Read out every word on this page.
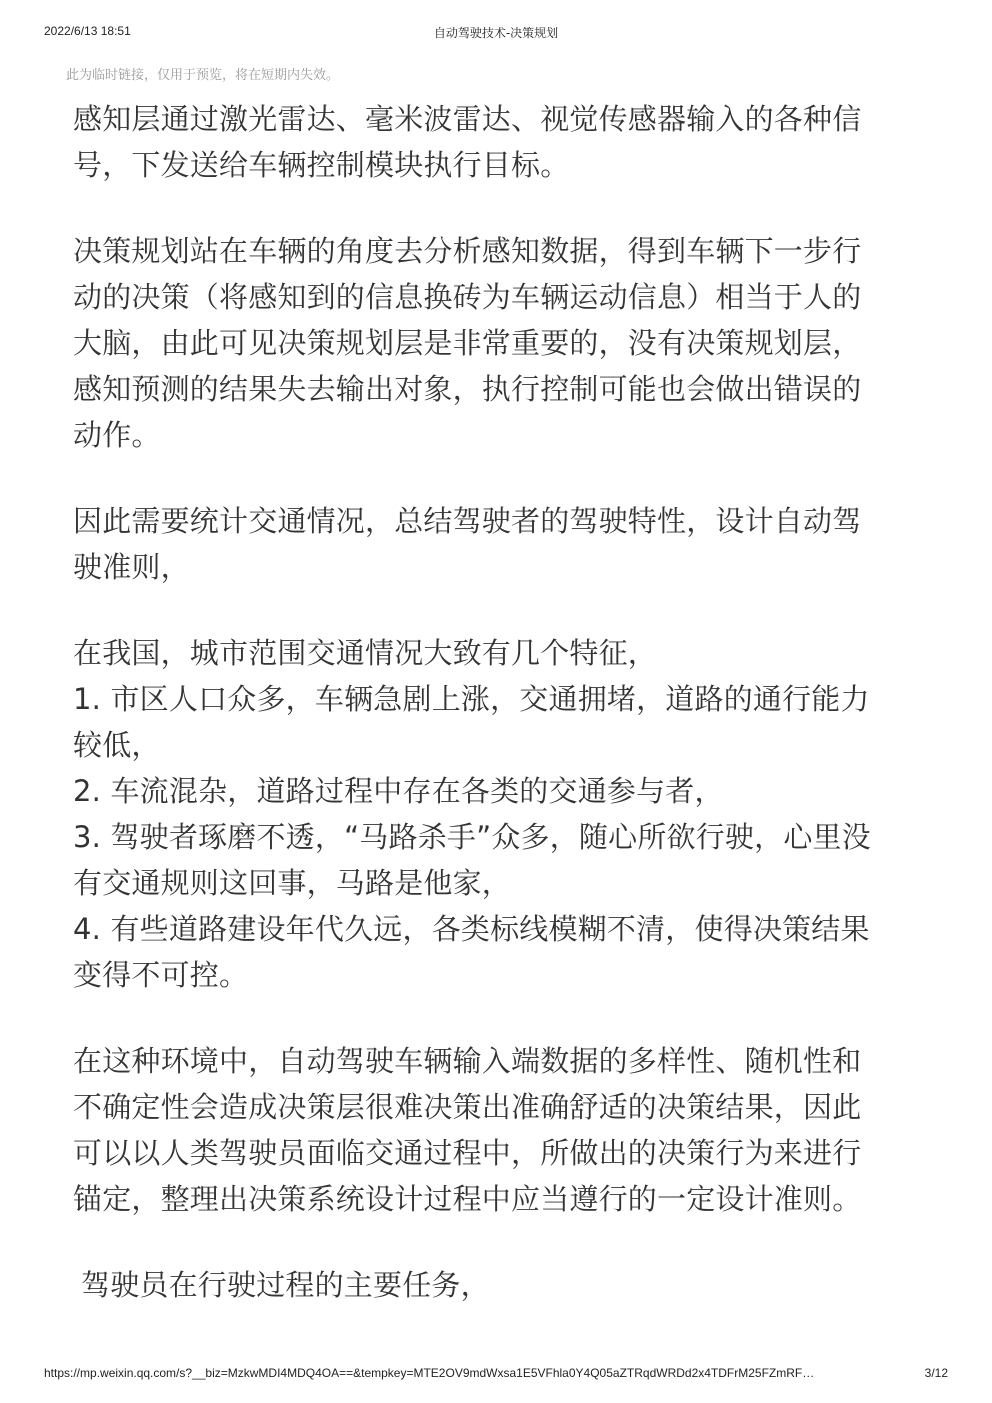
2022/6/13 18:51	自动驾驶技术-决策规划
此为临时链接，仅用于预览，将在短期内失效。

感知层通过激光雷达、毫米波雷达、视觉传感器输入的各种信
号，下发送给车辆控制模块执行目标。

决策规划站在车辆的角度去分析感知数据，得到车辆下一步行
动的决策（将感知到的信息换砖为车辆运动信息）相当于人的
大脑，由此可见决策规划层是非常重要的，没有决策规划层，
感知预测的结果失去输出对象，执行控制可能也会做出错误的
动作。

因此需要统计交通情况，总结驾驶者的驾驶特性，设计自动驾
驶准则，

在我国，城市范围交通情况大致有几个特征，
1. 市区人口众多，车辆急剧上涨，交通拥堵，道路的通行能力
较低，
2. 车流混杂，道路过程中存在各类的交通参与者，
3. 驾驶者琢磨不透，“马路杀手”众多，随心所欲行驶，心里没
有交通规则这回事，马路是他家，
4. 有些道路建设年代久远，各类标线模糊不清，使得决策结果
变得不可控。

在这种环境中，自动驾驶车辆输入端数据的多样性、随机性和
不确定性会造成决策层很难决策出准确舒适的决策结果，因此
可以以人类驾驶员面临交通过程中，所做出的决策行为来进行
锚定，整理出决策系统设计过程中应当遵行的一定设计准则。

驾驶员在行驶过程的主要任务，

https://mp.weixin.qq.com/s?__biz=MzkwMDI4MDQ4OA==&tempkey=MTE2OV9mdWxsa1E5VFhla0Y4Q05aZTRqdWRDd2x4TDFrM25FZmRF…	3/12
